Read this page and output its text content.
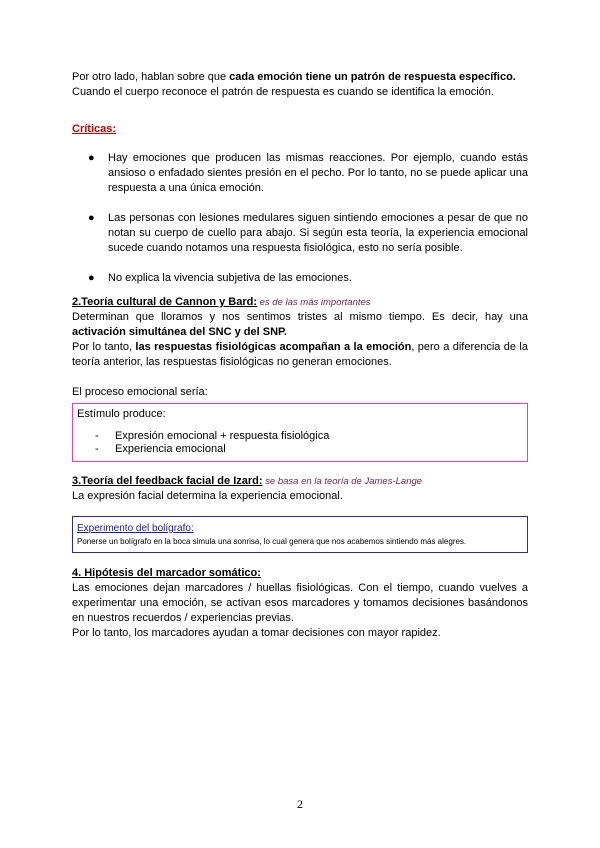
Por otro lado, hablan sobre que cada emoción tiene un patrón de respuesta específico.

Cuando el cuerpo reconoce el patrón de respuesta es cuando se identifica la emoción.

Críticas:

● Hay emociones que producen las mismas reacciones. Por ejemplo, cuando estás ansioso o enfadado sientes presión en el pecho. Por lo tanto, no se puede aplicar una respuesta a una única emoción.
● Las personas con lesiones medulares siguen sintiendo emociones a pesar de que no notan su cuerpo de cuello para abajo. Si según esta teoría, la experiencia emocional sucede cuando notamos una respuesta fisiológica, esto no sería posible.
● No explica la vivencia subjetiva de las emociones.

2.Teoría cultural de Cannon y Bard: es de las más importantes

Determinan que lloramos y nos sentimos tristes al mismo tiempo. Es decir, hay una activación simultánea del SNC y del SNP.

Por lo tanto, las respuestas fisiológicas acompañan a la emoción, pero a diferencia de la teoría anterior, las respuestas fisiológicas no generan emociones.

El proceso emocional sería:

Estímulo produce:

- Expresión emocional + respuesta fisiológica
- Experiencia emocional

3.Teoría del feedback facial de Izard: se basa en la teoría de James-Lange

La expresión facial determina la experiencia emocional.

Experimento del bolígrafo:

Ponerse un bolígrafo en la boca simula una sonrisa, lo cual genera que nos acabemos sintiendo más alegres.

4. Hipótesis del marcador somático:

Las emociones dejan marcadores / huellas fisiológicas. Con el tiempo, cuando vuelves a experimentar una emoción, se activan esos marcadores y tomamos decisiones basándonos en nuestros recuerdos / experiencias previas.

Por lo tanto, los marcadores ayudan a tomar decisiones con mayor rapidez.

2
